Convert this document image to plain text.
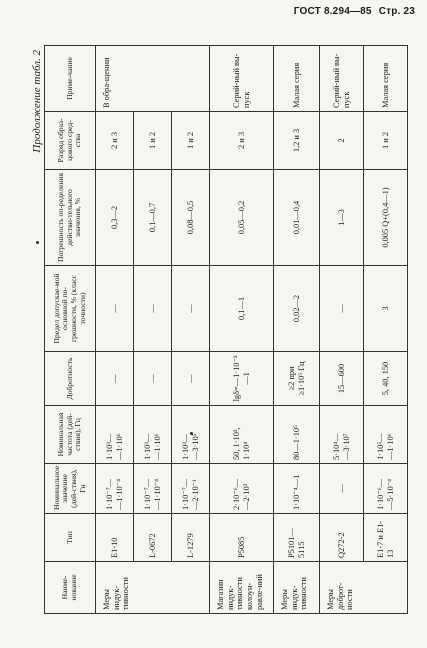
ГОСТ 8.294—85 Стр. 23
Продолжение табл. 2
Наиме-нование	Тип	Номинальное значение (дей-ствия), Гн	Номинальная частота (дей-ствия), Гц	Добротность	Предел допускае-мой основной по-грешности, % (класс точности)	Погрешность оп-ределения действи-тельного значения, %	Разряд образ-цового сред-ства	Приме-чание
Меры индук-тивности	Е1-10	1·10⁻⁷— —1·10⁻⁴	1·10³— —1·10⁶	—	—	0,3—2	2 и 3	В обра-щении
	L-0672	1·10⁻⁷— —1·10⁻⁴	1·10³— —1·10⁶	—	—	0,1—0,7	1 и 2	
	L-1279	1·10⁻⁷— —2·10⁻¹	1·10³— —3·10⁵	—	—	0,08—0,5	1 и 2	
Магазин индук-тивности колоун-равле-ний	Р5085	2·10⁻⁶— —2·10³	50, 1·10³, 1·10⁴	lgδ=—1·10⁻³—1	0,1—1	0,05—0,2	2 и 3	Серий-ный вы-пуск
Меры индук-тивности	Р5101—5115	1·10⁻⁴—1	80—1·10⁵	≥2 при ≥1·10⁵ Гц	0,02—2	0,01—0,4	1,2 и 3	Малая серия
Меры доброт-ности	Q272-2	—	5·10⁴— —3·10⁷	15—600	—	1—3	2	Серий-ный вы-пуск
	Е1-7 и Е1-13	1·10⁻⁶— —5·10⁻⁴	1·10⁵— —1·10⁶	5, 40, 150	3	0,005 Q+(0,4—1)	1 и 2	Малая серия
